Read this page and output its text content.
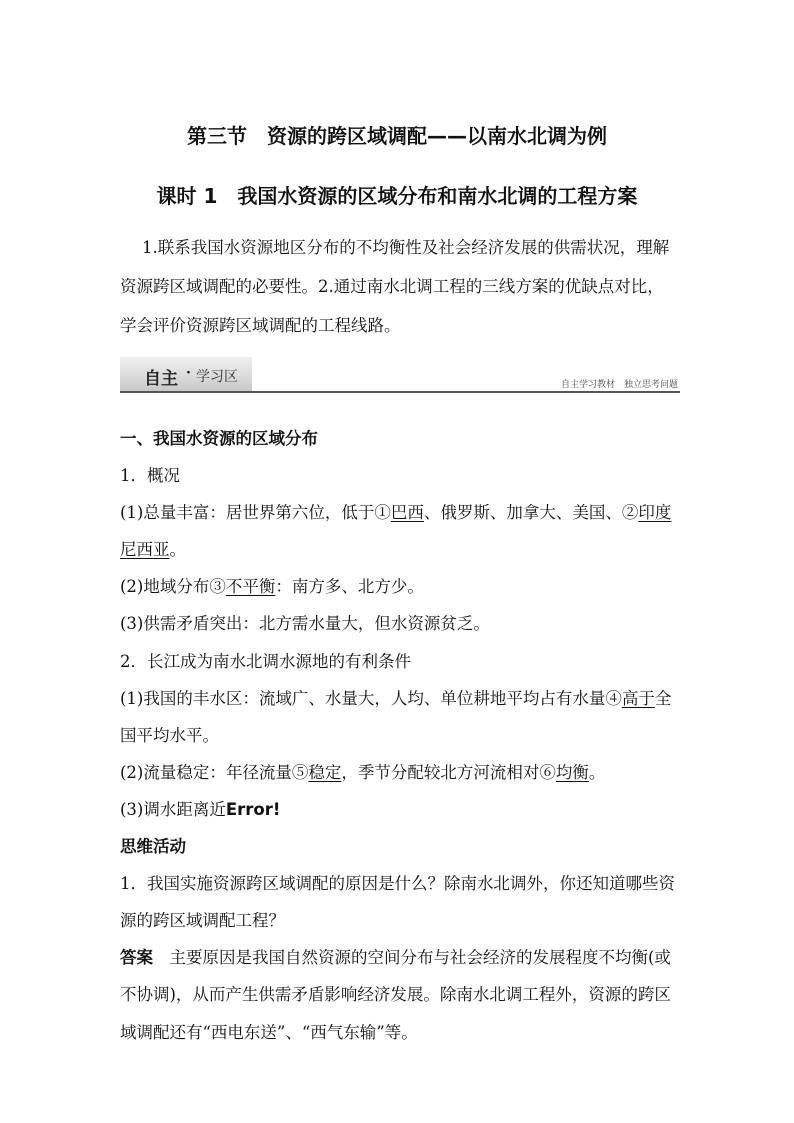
第三节　资源的跨区域调配——以南水北调为例
课时 1　我国水资源的区域分布和南水北调的工程方案
1.联系我国水资源地区分布的不均衡性及社会经济发展的供需状况，理解资源跨区域调配的必要性。2.通过南水北调工程的三线方案的优缺点对比，学会评价资源跨区域调配的工程线路。
自主 · 学习区	自主学习教材　独立思考问题

一、我国水资源的区域分布

1．概况

(1)总量丰富：居世界第六位，低于①巴西、俄罗斯、加拿大、美国、②印度尼西亚。

(2)地域分布③不平衡：南方多、北方少。

(3)供需矛盾突出：北方需水量大，但水资源贫乏。

2．长江成为南水北调水源地的有利条件

(1)我国的丰水区：流域广、水量大，人均、单位耕地平均占有水量④高于全国平均水平。

(2)流量稳定：年径流量⑤稳定，季节分配较北方河流相对⑥均衡。

(3)调水距离近Error!

思维活动

1．我国实施资源跨区域调配的原因是什么？除南水北调外，你还知道哪些资源的跨区域调配工程？

答案　主要原因是我国自然资源的空间分布与社会经济的发展程度不均衡(或不协调)，从而产生供需矛盾影响经济发展。除南水北调工程外，资源的跨区域调配还有“西电东送”、“西气东输”等。
